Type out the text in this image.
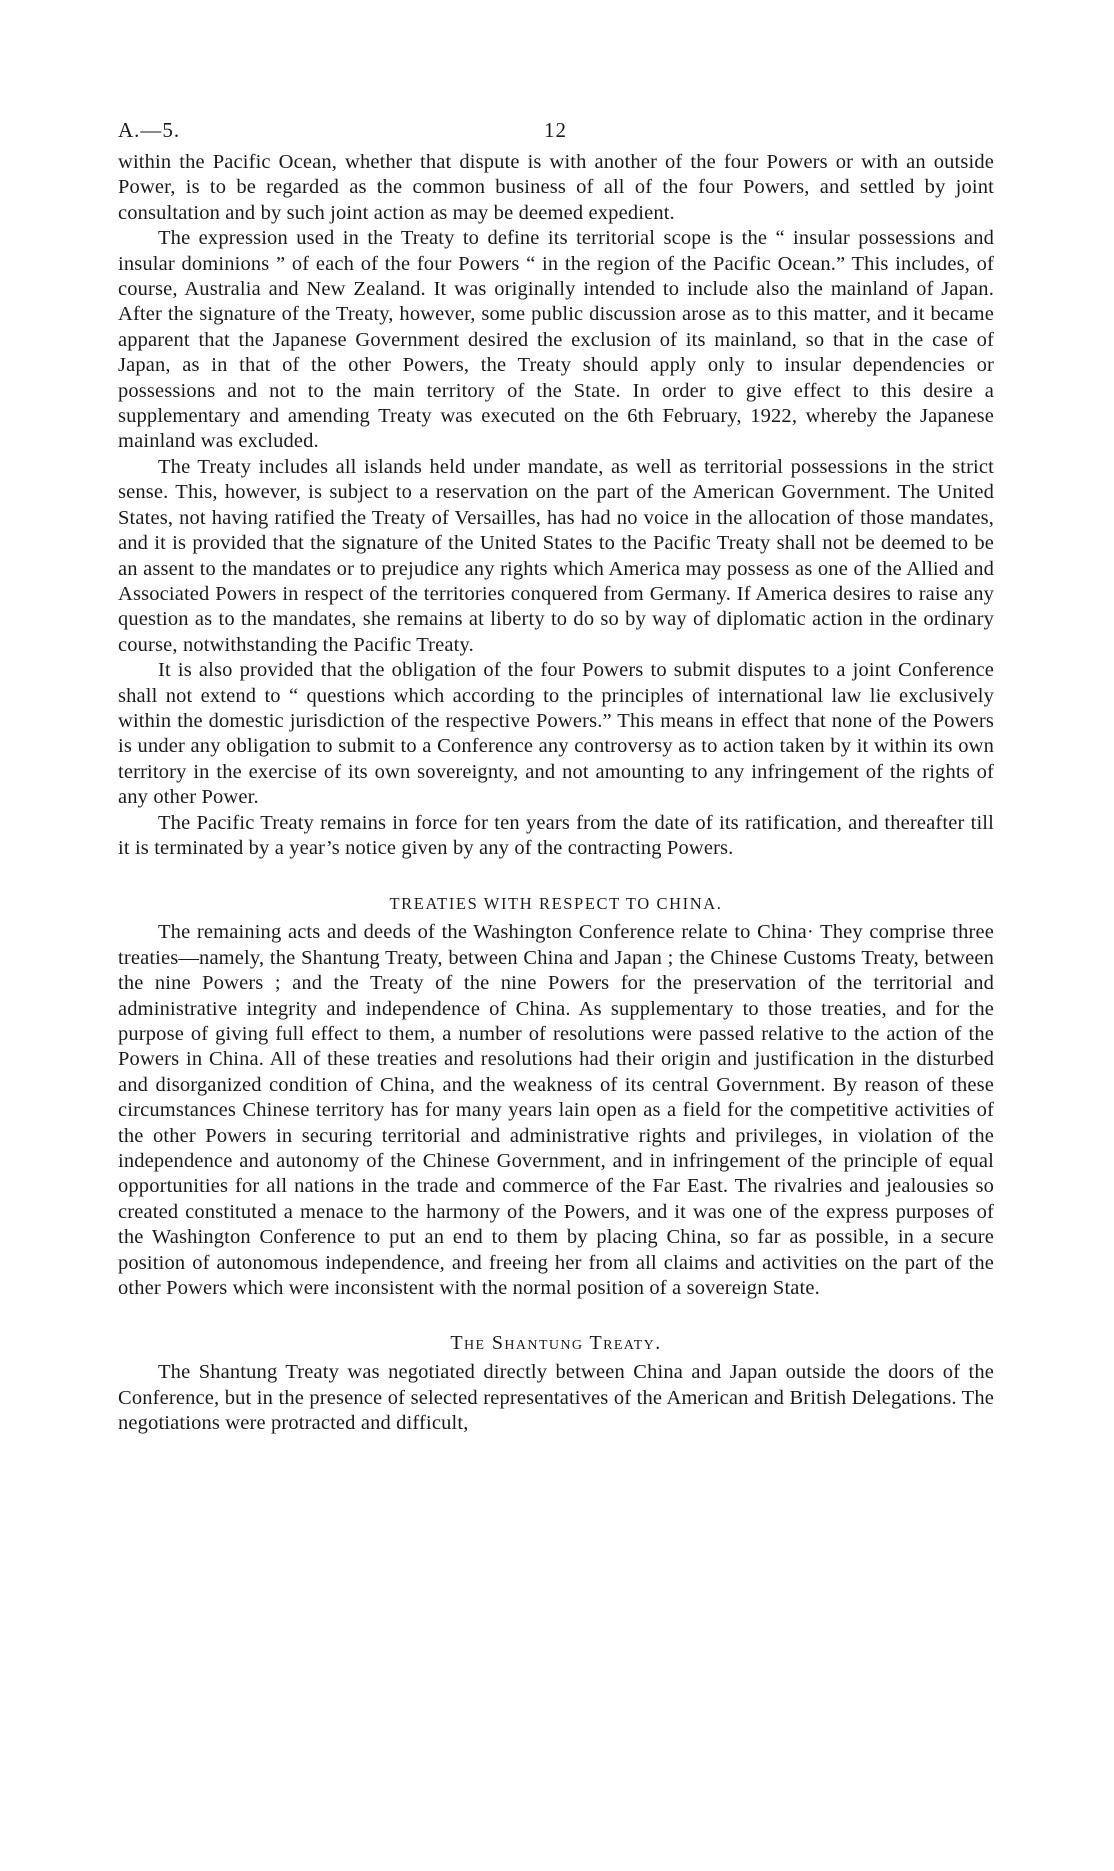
A.—5.	12

within the Pacific Ocean, whether that dispute is with another of the four Powers or with an outside Power, is to be regarded as the common business of all of the four Powers, and settled by joint consultation and by such joint action as may be deemed expedient.

The expression used in the Treaty to define its territorial scope is the “ insular possessions and insular dominions ” of each of the four Powers “ in the region of the Pacific Ocean.” This includes, of course, Australia and New Zealand. It was originally intended to include also the mainland of Japan. After the signature of the Treaty, however, some public discussion arose as to this matter, and it became apparent that the Japanese Government desired the exclusion of its mainland, so that in the case of Japan, as in that of the other Powers, the Treaty should apply only to insular dependencies or possessions and not to the main territory of the State. In order to give effect to this desire a supplementary and amending Treaty was executed on the 6th February, 1922, whereby the Japanese mainland was excluded.

The Treaty includes all islands held under mandate, as well as territorial possessions in the strict sense. This, however, is subject to a reservation on the part of the American Government. The United States, not having ratified the Treaty of Versailles, has had no voice in the allocation of those mandates, and it is provided that the signature of the United States to the Pacific Treaty shall not be deemed to be an assent to the mandates or to prejudice any rights which America may possess as one of the Allied and Associated Powers in respect of the territories conquered from Germany. If America desires to raise any question as to the mandates, she remains at liberty to do so by way of diplomatic action in the ordinary course, notwithstanding the Pacific Treaty.

It is also provided that the obligation of the four Powers to submit disputes to a joint Conference shall not extend to “ questions which according to the principles of international law lie exclusively within the domestic jurisdiction of the respective Powers.” This means in effect that none of the Powers is under any obligation to submit to a Conference any controversy as to action taken by it within its own territory in the exercise of its own sovereignty, and not amounting to any infringement of the rights of any other Power.

The Pacific Treaty remains in force for ten years from the date of its ratification, and thereafter till it is terminated by a year’s notice given by any of the contracting Powers.

TREATIES WITH RESPECT TO CHINA.

The remaining acts and deeds of the Washington Conference relate to China· They comprise three treaties—namely, the Shantung Treaty, between China and Japan ; the Chinese Customs Treaty, between the nine Powers ; and the Treaty of the nine Powers for the preservation of the territorial and administrative integrity and independence of China. As supplementary to those treaties, and for the purpose of giving full effect to them, a number of resolutions were passed relative to the action of the Powers in China. All of these treaties and resolutions had their origin and justification in the disturbed and disorganized condition of China, and the weakness of its central Government. By reason of these circumstances Chinese territory has for many years lain open as a field for the competitive activities of the other Powers in securing territorial and administrative rights and privileges, in violation of the independence and autonomy of the Chinese Government, and in infringement of the principle of equal opportunities for all nations in the trade and commerce of the Far East. The rivalries and jealousies so created constituted a menace to the harmony of the Powers, and it was one of the express purposes of the Washington Conference to put an end to them by placing China, so far as possible, in a secure position of autonomous independence, and freeing her from all claims and activities on the part of the other Powers which were inconsistent with the normal position of a sovereign State.

The Shantung Treaty.

The Shantung Treaty was negotiated directly between China and Japan outside the doors of the Conference, but in the presence of selected representatives of the American and British Delegations. The negotiations were protracted and difficult,
